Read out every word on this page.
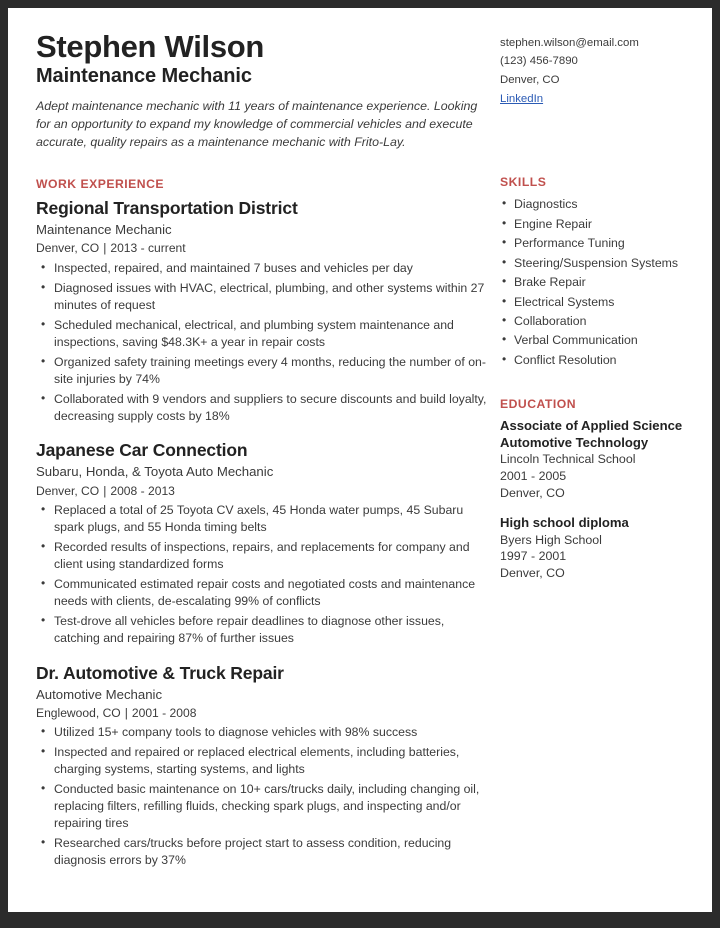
Stephen Wilson
Maintenance Mechanic

Adept maintenance mechanic with 11 years of maintenance experience. Looking for an opportunity to expand my knowledge of commercial vehicles and execute accurate, quality repairs as a maintenance mechanic with Frito-Lay.

stephen.wilson@email.com
(123) 456-7890
Denver, CO
LinkedIn
WORK EXPERIENCE
Regional Transportation District
Maintenance Mechanic
Denver, CO | 2013 - current
• Inspected, repaired, and maintained 7 buses and vehicles per day
• Diagnosed issues with HVAC, electrical, plumbing, and other systems within 27 minutes of request
• Scheduled mechanical, electrical, and plumbing system maintenance and inspections, saving $48.3K+ a year in repair costs
• Organized safety training meetings every 4 months, reducing the number of on-site injuries by 74%
• Collaborated with 9 vendors and suppliers to secure discounts and build loyalty, decreasing supply costs by 18%
Japanese Car Connection
Subaru, Honda, & Toyota Auto Mechanic
Denver, CO | 2008 - 2013
• Replaced a total of 25 Toyota CV axels, 45 Honda water pumps, 45 Subaru spark plugs, and 55 Honda timing belts
• Recorded results of inspections, repairs, and replacements for company and client using standardized forms
• Communicated estimated repair costs and negotiated costs and maintenance needs with clients, de-escalating 99% of conflicts
• Test-drove all vehicles before repair deadlines to diagnose other issues, catching and repairing 87% of further issues
Dr. Automotive & Truck Repair
Automotive Mechanic
Englewood, CO | 2001 - 2008
• Utilized 15+ company tools to diagnose vehicles with 98% success
• Inspected and repaired or replaced electrical elements, including batteries, charging systems, starting systems, and lights
• Conducted basic maintenance on 10+ cars/trucks daily, including changing oil, replacing filters, refilling fluids, checking spark plugs, and inspecting and/or repairing tires
• Researched cars/trucks before project start to assess condition, reducing diagnosis errors by 37%
SKILLS
• Diagnostics
• Engine Repair
• Performance Tuning
• Steering/Suspension Systems
• Brake Repair
• Electrical Systems
• Collaboration
• Verbal Communication
• Conflict Resolution
EDUCATION
Associate of Applied Science
Automotive Technology
Lincoln Technical School
2001 - 2005
Denver, CO
High school diploma
Byers High School
1997 - 2001
Denver, CO
